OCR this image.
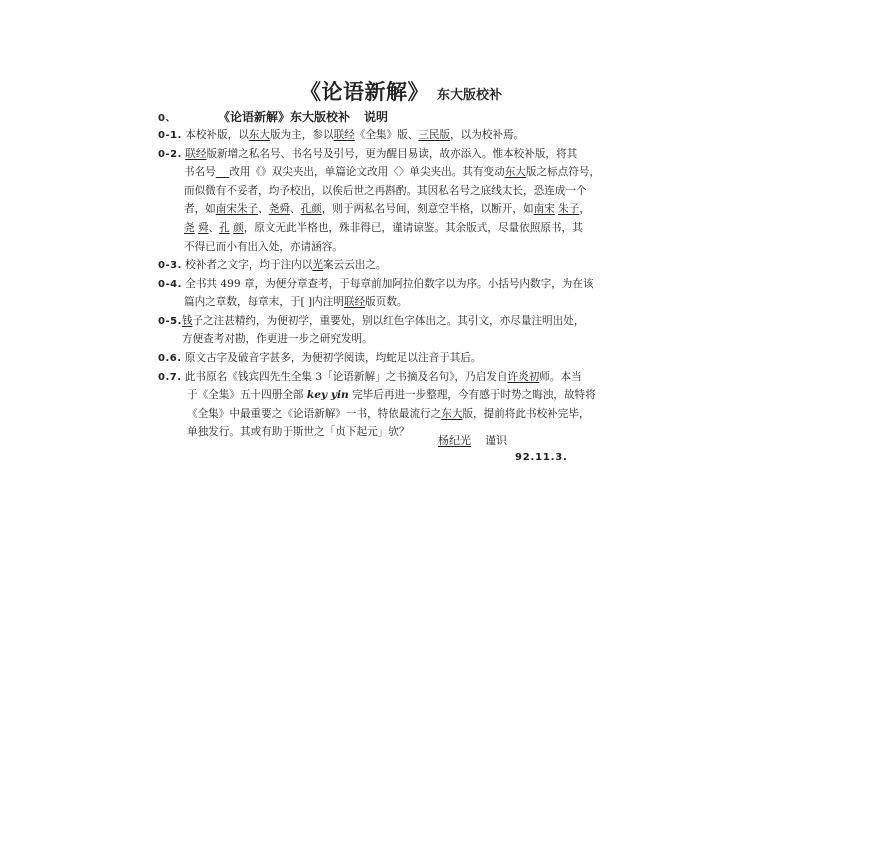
《论语新解》 东大版校补
0、	《论语新解》东大版校补 说明
0-1. 本校补版，以东大版为主，参以联经《全集》版、三民版，以为校补焉。
0-2. 联经版新增之私名号、书名号及引号，更为醒目易读，故亦添入。惟本校补版，将其
书名号 改用《》双尖夹出，单篇论文改用〈〉单尖夹出。其有变动东大版之标点符号，
而似微有不妥者，均予校出，以俟后世之再斟酌。其因私名号之底线太长，恐连成一个
者，如南宋朱子、尧舜、孔颜，则于两私名号间，刻意空半格，以断开，如南宋 朱子，
尧 舜、孔 颜，原文无此半格也，殊非得已，谨请谅鉴。其余版式，尽量依照原书，其
不得已而小有出入处，亦请涵容。
0-3. 校补者之文字，均于注内以光案云云出之。
0-4. 全书共 499 章，为便分章查考，于每章前加阿拉伯数字以为序。小括号内数字，为在该
篇内之章数，每章末，于[ ]内注明联经版页数。
0-5.钱子之注甚精约，为便初学，重要处，别以红色字体出之。其引文，亦尽量注明出处，
方便查考对勘，作更进一步之研究发明。
0.6. 原文古字及破音字甚多，为便初学阅读，均蛇足以注音于其后。
0.7. 此书原名《钱宾四先生全集 3「论语新解」之书摘及名句》，乃启发自许炎初师。本当
于《全集》五十四册全部 key yin 完毕后再进一步整理，今有感于时势之晦浊，故特将
《全集》中最重要之《论语新解》一书，特依最流行之东大版，提前将此书校补完毕，
单独发行。其或有助于斯世之「贞下起元」欤？
杨纪光 谨识
92.11.3.
